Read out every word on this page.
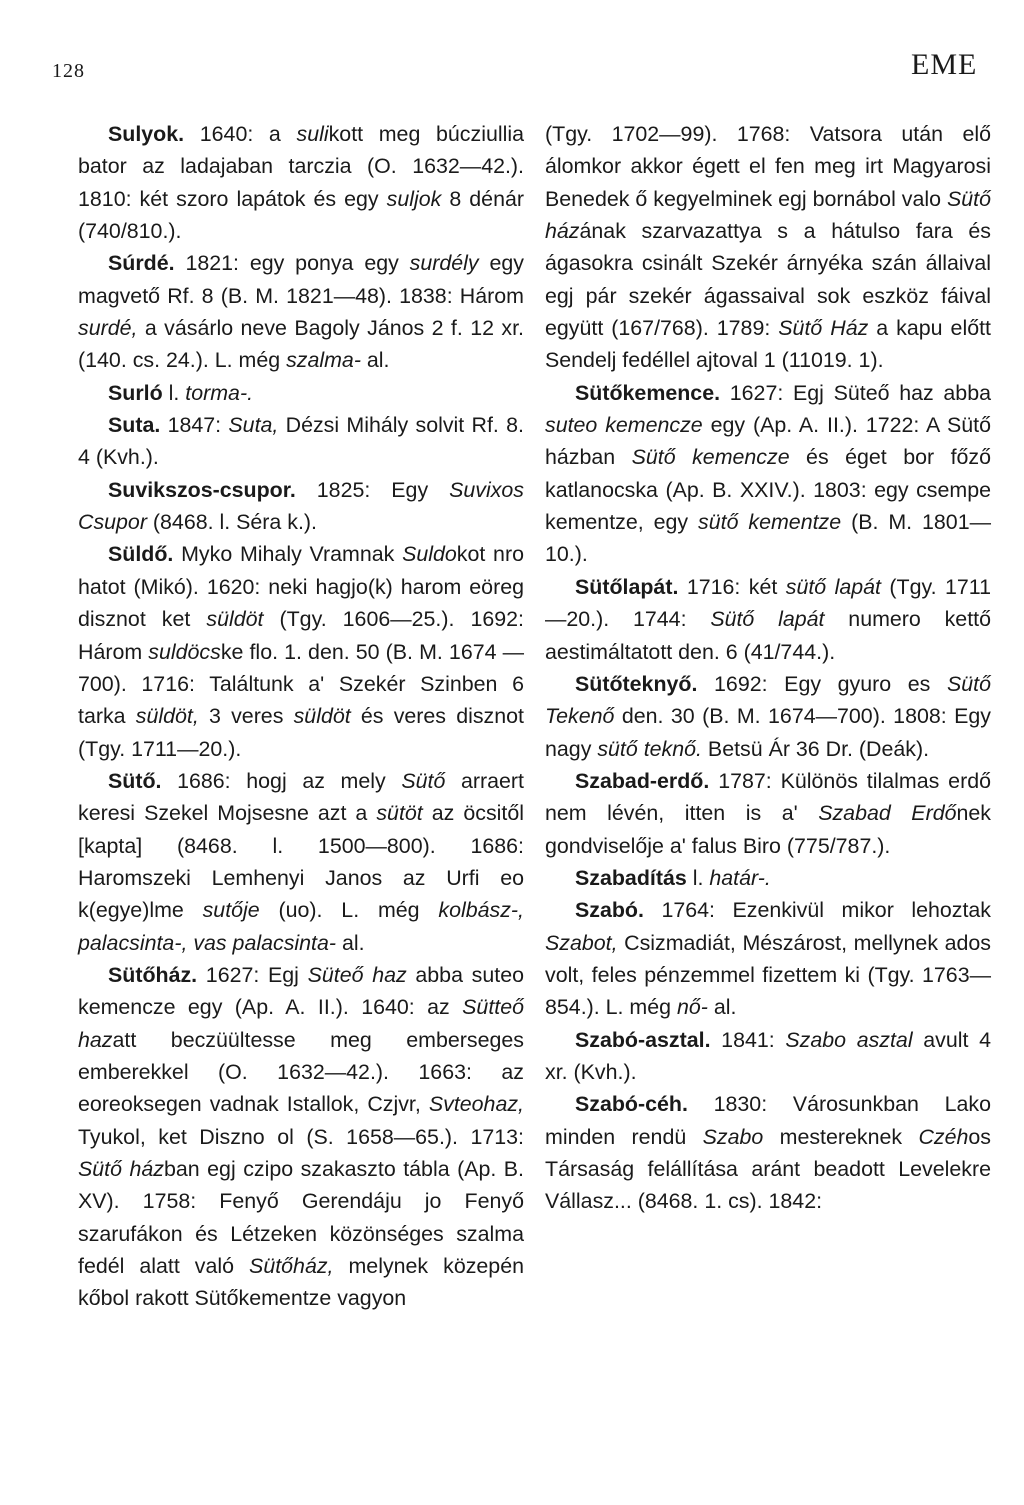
128	EME

Sulyok. 1640: a sulikott meg búcziullia bator az ladajaban tarczia (O. 1632—42.). 1810: két szoro lapátok és egy suljok 8 dénár (740/810.).

Súrdé. 1821: egy ponya egy surdély egy magvető Rf. 8 (B. M. 1821—48). 1838: Három surdé, a vásárlo neve Bagoly János 2 f. 12 xr. (140. cs. 24.). L. még szalma- al.

Surló l. torma-.

Suta. 1847: Suta, Dézsi Mihály solvit Rf. 8. 4 (Kvh.).

Suvikszos-csupor. 1825: Egy Suvixos Csupor (8468. l. Séra k.).

Süldő. Myko Mihaly Vramnak Suldokot nro hatot (Mikó). 1620: neki hagjo(k) harom eöreg disznot ket süldöt (Tgy. 1606—25.). 1692: Három suldöcske flo. 1. den. 50 (B. M. 1674 —700). 1716: Találtunk a' Szekér Szinben 6 tarka süldöt, 3 veres süldöt és veres disznot (Tgy. 1711—20.).

Sütő. 1686: hogj az mely Sütő arraert keresi Szekel Mojsesne azt a sütöt az öcsitől [kapta] (8468. l. 1500—800). 1686: Haromszeki Lemhenyi Janos az Urfi eo k(egye)lme sutője (uo). L. még kolbász-, palacsinta-, vas palacsinta- al.

Sütőház. 1627: Egj Süteő haz abba suteo kemencze egy (Ap. A. II.). 1640: az Sütteő hazatt beczüültesse meg emberseges emberekkel (O. 1632—42.). 1663: az eoreoksegen vadnak Istallok, Czjvr, Svteohaz, Tyukol, ket Diszno ol (S. 1658—65.). 1713: Sütő házban egj czipo szakaszto tábla (Ap. B. XV). 1758: Fenyő Gerendáju jo Fenyő szarufákon és Létzeken közönséges szalma fedél alatt való Sütőház, melynek közepén kőbol rakott Sütőkementze vagyon

(Tgy. 1702—99). 1768: Vatsora után elő álomkor akkor égett el fen meg irt Magyarosi Benedek ő kegyelminek egj bornábol valo Sütő házának szarvazattya s a hátulso fara és ágasokra csinált Szekér árnyéka szán állaival egj pár szekér ágassaival sok eszköz fáival együtt (167/768). 1789: Sütő Ház a kapu előtt Sendelj fedéllel ajtoval 1 (11019. 1).

Sütőkemence. 1627: Egj Süteő haz abba suteo kemencze egy (Ap. A. II.). 1722: A Sütő házban Sütő kemencze és éget bor főző katlanocska (Ap. B. XXIV.). 1803: egy csempe kementze, egy sütő kementze (B. M. 1801—10.).

Sütőlapát. 1716: két sütő lapát (Tgy. 1711—20.). 1744: Sütő lapát numero kettő aestimáltatott den. 6 (41/744.).

Sütőteknyő. 1692: Egy gyuro es Sütő Tekenő den. 30 (B. M. 1674—700). 1808: Egy nagy sütő teknő. Betsü Ár 36 Dr. (Deák).

Szabad-erdő. 1787: Különös tilalmas erdő nem lévén, itten is a' Szabad Erdőnek gondviselője a' falus Biro (775/787.).

Szabadítás l. határ-.

Szabó. 1764: Ezenkivül mikor lehoztak Szabot, Csizmadiát, Mészárost, mellynek ados volt, feles pénzemmel fizettem ki (Tgy. 1763—854.). L. még nő- al.

Szabó-asztal. 1841: Szabo asztal avult 4 xr. (Kvh.).

Szabó-céh. 1830: Városunkban Lako minden rendü Szabo mestereknek Czéhos Társaság felállítása aránt beadott Levelekre Vállasz... (8468. 1. cs). 1842:
